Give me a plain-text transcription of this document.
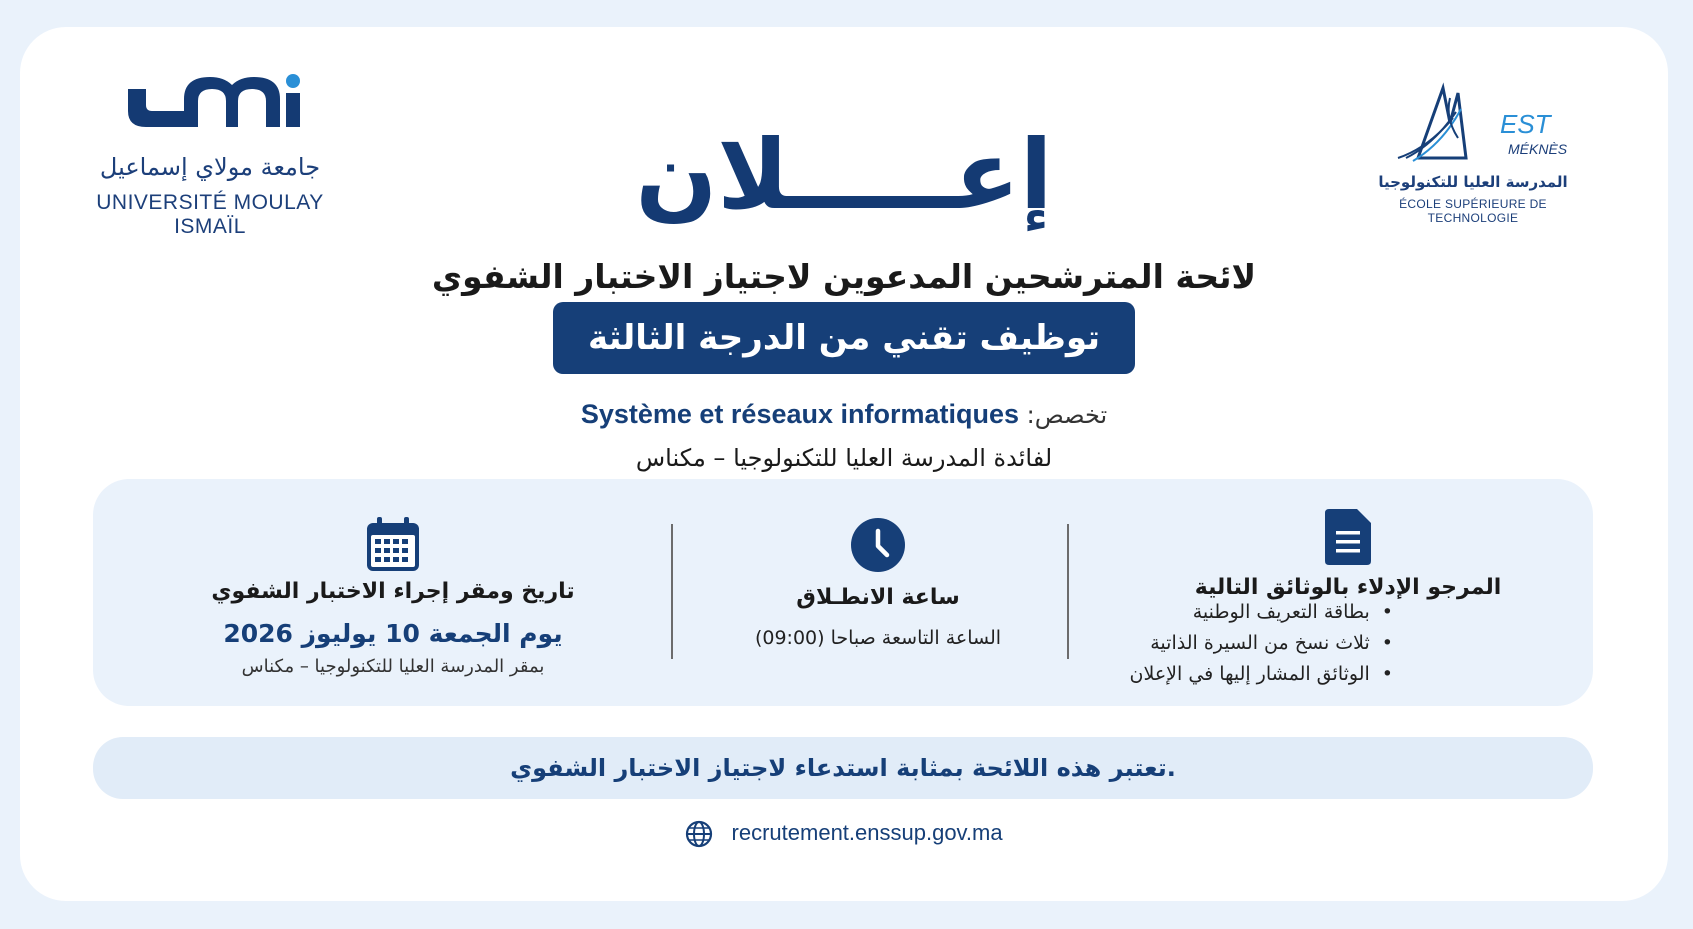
جامعة مولاي إسماعيل
UNIVERSITÉ MOULAY ISMAÏL
EST
MÉKNÈS
المدرسة العليا للتكنولوجيا
ÉCOLE SUPÉRIEURE DE TECHNOLOGIE
إعـــــلان
لائحة المترشحين المدعوين لاجتياز الاختبار الشفوي
توظيف تقني من الدرجة الثالثة
تخصص: Système et réseaux informatiques
لفائدة المدرسة العليا للتكنولوجيا – مكناس
تاريخ ومقر إجراء الاختبار الشفوي
يوم الجمعة 10 يوليوز 2026
بمقر المدرسة العليا للتكنولوجيا – مكناس
ساعة الانطـلاق
الساعة التاسعة صباحا (09:00)
المرجو الإدلاء بالوثائق التالية
• بطاقة التعريف الوطنية
• ثلاث نسخ من السيرة الذاتية
• الوثائق المشار إليها في الإعلان
تعتبر هذه اللائحة بمثابة استدعاء لاجتياز الاختبار الشفوي.
recrutement.enssup.gov.ma
